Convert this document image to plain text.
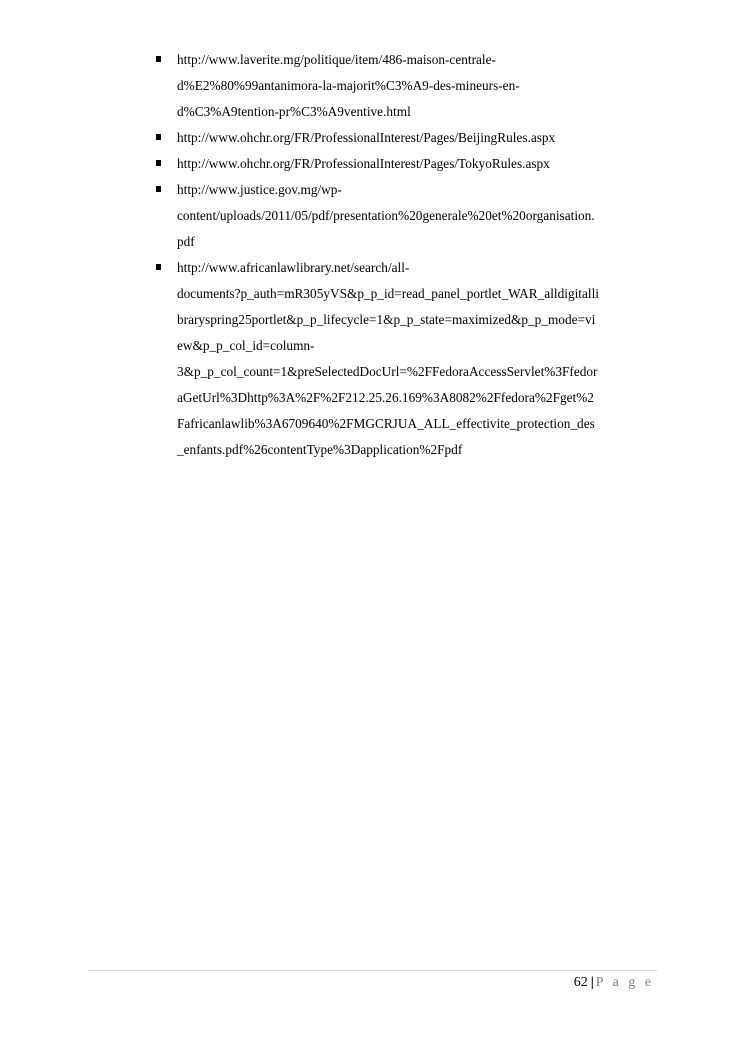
http://www.laverite.mg/politique/item/486-maison-centrale-
d%E2%80%99antanimora-la-majorit%C3%A9-des-mineurs-en-
d%C3%A9tention-pr%C3%A9ventive.html
http://www.ohchr.org/FR/ProfessionalInterest/Pages/BeijingRules.aspx
http://www.ohchr.org/FR/ProfessionalInterest/Pages/TokyoRules.aspx
http://www.justice.gov.mg/wp-
content/uploads/2011/05/pdf/presentation%20generale%20et%20organisation.
pdf
http://www.africanlawlibrary.net/search/all-
documents?p_auth=mR305yVS&p_p_id=read_panel_portlet_WAR_alldigitalli
braryspring25portlet&p_p_lifecycle=1&p_p_state=maximized&p_p_mode=vi
ew&p_p_col_id=column-
3&p_p_col_count=1&preSelectedDocUrl=%2FFedoraAccessServlet%3Ffedor
aGetUrl%3Dhttp%3A%2F%2F212.25.26.169%3A8082%2Ffedora%2Fget%2
Fafricanlawlib%3A6709640%2FMGCRJUA_ALL_effectivite_protection_des
_enfants.pdf%26contentType%3Dapplication%2Fpdf
62 | P a g e
